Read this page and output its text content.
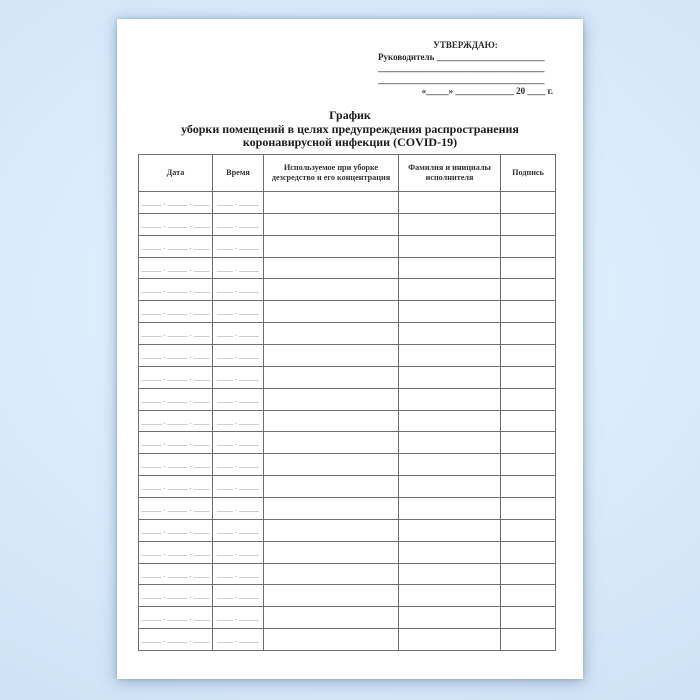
УТВЕРЖДАЮ:
Руководитель ________________________
_____________________________________
_____________________________________
«_____» _____________ 20 ____ г.
График
уборки помещений в целях предупреждения распространения
коронавирусной инфекции (COVID-19)
Дата	Время	Используемое при уборке дезсредство и его концентрация	Фамилия и инициалы исполнителя	Подпись
_____ . _____ . ____	____ . _____			
_____ . _____ . ____	____ . _____			
_____ . _____ . ____	____ . _____			
_____ . _____ . ____	____ . _____			
_____ . _____ . ____	____ . _____			
_____ . _____ . ____	____ . _____			
_____ . _____ . ____	____ . _____			
_____ . _____ . ____	____ . _____			
_____ . _____ . ____	____ . _____			
_____ . _____ . ____	____ . _____			
_____ . _____ . ____	____ . _____			
_____ . _____ . ____	____ . _____			
_____ . _____ . ____	____ . _____			
_____ . _____ . ____	____ . _____			
_____ . _____ . ____	____ . _____			
_____ . _____ . ____	____ . _____			
_____ . _____ . ____	____ . _____			
_____ . _____ . ____	____ . _____			
_____ . _____ . ____	____ . _____			
_____ . _____ . ____	____ . _____			
_____ . _____ . ____	____ . _____			
